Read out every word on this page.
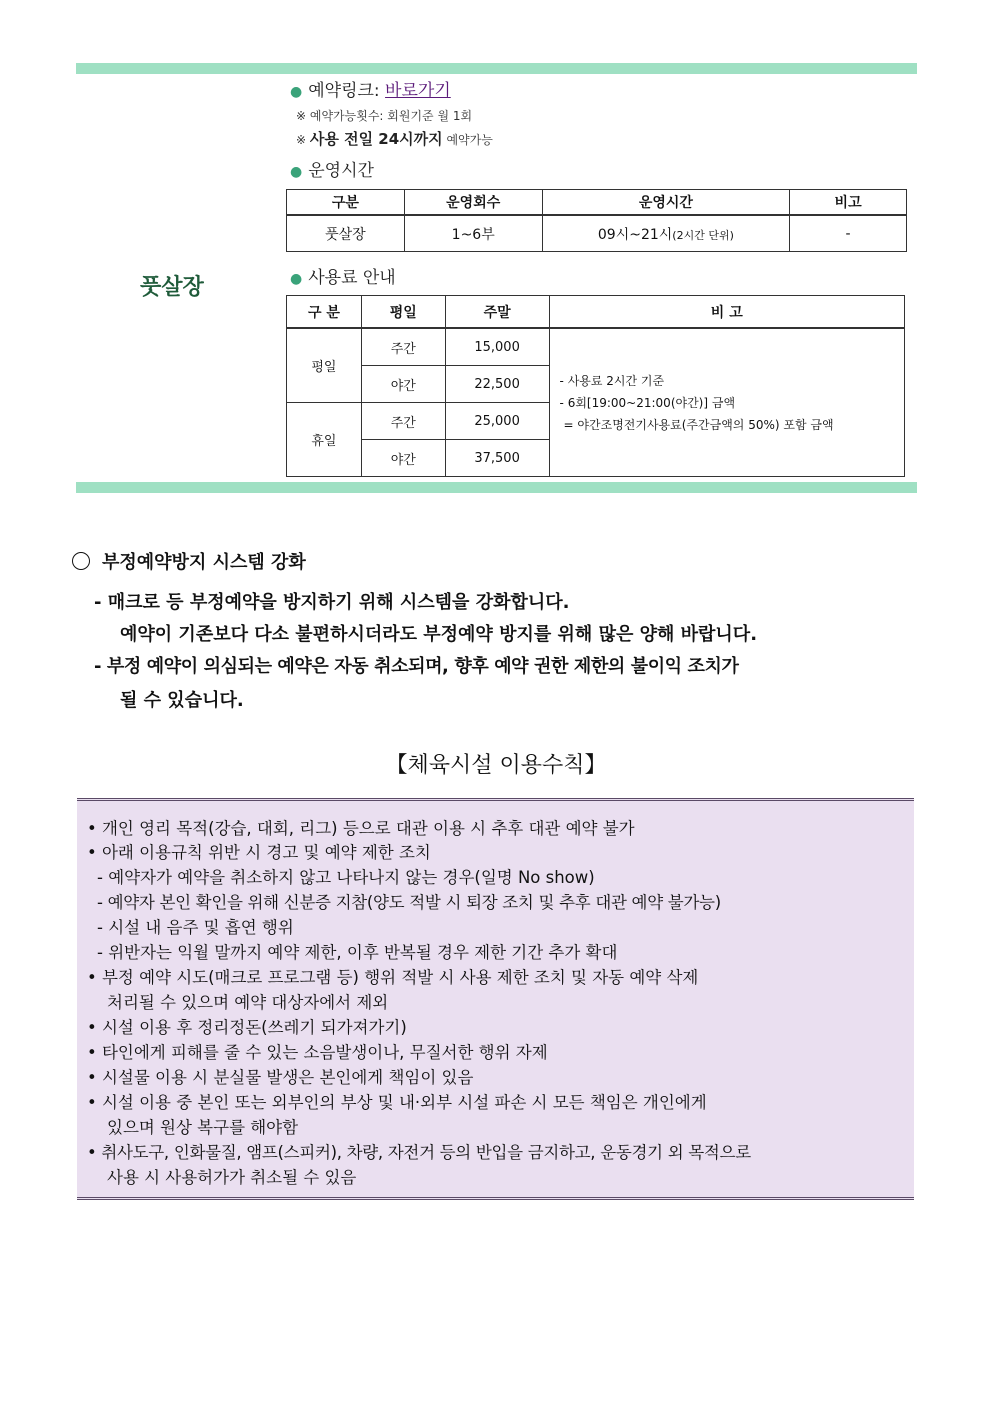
● 예약링크: 바로가기
※ 예약가능횟수: 회원기준 월 1회
※ 사용 전일 24시까지 예약가능
● 운영시간
풋살장
구분	운영회수	운영시간	비고
풋살장	1~6부	09시~21시(2시간 단위)	-
● 사용료 안내
구 분	평일	주말	비 고
평일	주간	15,000	- 사용료 2시간 기준
- 6회[19:00~21:00(야간)] 금액
= 야간조명전기사용료(주간금액의 50%) 포함 금액

	야간	22,500	
휴일	주간	25,000	
	야간	37,500	
부정예약방지 시스템 강화
- 매크로 등 부정예약을 방지하기 위해 시스템을 강화합니다.
예약이 기존보다 다소 불편하시더라도 부정예약 방지를 위해 많은 양해 바랍니다.
- 부정 예약이 의심되는 예약은 자동 취소되며, 향후 예약 권한 제한의 불이익 조치가
될 수 있습니다.
【체육시설 이용수칙】
• 개인 영리 목적(강습, 대회, 리그) 등으로 대관 이용 시 추후 대관 예약 불가
• 아래 이용규칙 위반 시 경고 및 예약 제한 조치
- 예약자가 예약을 취소하지 않고 나타나지 않는 경우(일명 No show)
- 예약자 본인 확인을 위해 신분증 지참(양도 적발 시 퇴장 조치 및 추후 대관 예약 불가능)
- 시설 내 음주 및 흡연 행위
- 위반자는 익월 말까지 예약 제한, 이후 반복될 경우 제한 기간 추가 확대
• 부정 예약 시도(매크로 프로그램 등) 행위 적발 시 사용 제한 조치 및 자동 예약 삭제
처리될 수 있으며 예약 대상자에서 제외
• 시설 이용 후 정리정돈(쓰레기 되가져가기)
• 타인에게 피해를 줄 수 있는 소음발생이나, 무질서한 행위 자제
• 시설물 이용 시 분실물 발생은 본인에게 책임이 있음
• 시설 이용 중 본인 또는 외부인의 부상 및 내·외부 시설 파손 시 모든 책임은 개인에게
있으며 원상 복구를 해야함
• 취사도구, 인화물질, 앰프(스피커), 차량, 자전거 등의 반입을 금지하고, 운동경기 외 목적으로
사용 시 사용허가가 취소될 수 있음
